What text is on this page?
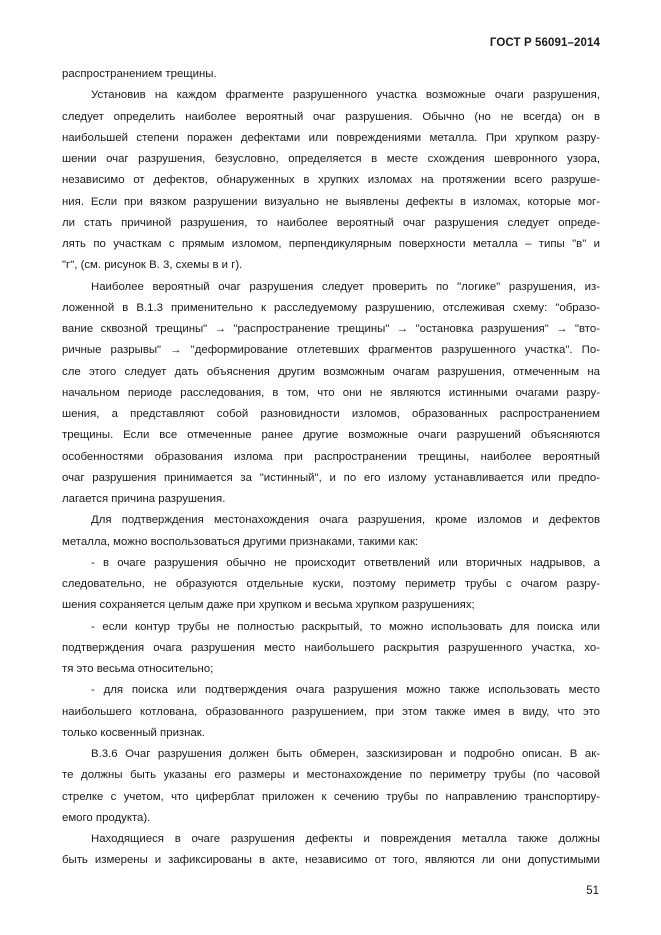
ГОСТ Р 56091–2014
распространением трещины.
Установив на каждом фрагменте разрушенного участка возможные очаги разрушения,
следует определить наиболее вероятный очаг разрушения. Обычно (но не всегда) он в
наибольшей степени поражен дефектами или повреждениями металла. При хрупком разру-
шении очаг разрушения, безусловно, определяется в месте схождения шевронного узора,
независимо от дефектов, обнаруженных в хрупких изломах на протяжении всего разруше-
ния. Если при вязком разрушении визуально не выявлены дефекты в изломах, которые мог-
ли стать причиной разрушения, то наиболее вероятный очаг разрушения следует опреде-
лять по участкам с прямым изломом, перпендикулярным поверхности металла – типы "в" и
"г", (см. рисунок В. 3, схемы в и г).
Наиболее вероятный очаг разрушения следует проверить по "логике" разрушения, из-
ложенной в В.1.3 применительно к расследуемому разрушению, отслеживая схему: "образо-
вание сквозной трещины" → "распространение трещины" → "остановка разрушения" → "вто-
ричные разрывы" → "деформирование отлетевших фрагментов разрушенного участка". По-
сле этого следует дать объяснения другим возможным очагам разрушения, отмеченным на
начальном периоде расследования, в том, что они не являются истинными очагами разру-
шения, а представляют собой разновидности изломов, образованных распространением
трещины. Если все отмеченные ранее другие возможные очаги разрушений объясняются
особенностями образования излома при распространении трещины, наиболее вероятный
очаг разрушения принимается за "истинный", и по его излому устанавливается или предпо-
лагается причина разрушения.
Для подтверждения местонахождения очага разрушения, кроме изломов и дефектов
металла, можно воспользоваться другими признаками, такими как:
- в очаге разрушения обычно не происходит ответвлений или вторичных надрывов, а
следовательно, не образуются отдельные куски, поэтому периметр трубы с очагом разру-
шения сохраняется целым даже при хрупком и весьма хрупком разрушениях;
- если контур трубы не полностью раскрытый, то можно использовать для поиска или
подтверждения очага разрушения место наибольшего раскрытия разрушенного участка, хо-
тя это весьма относительно;
- для поиска или подтверждения очага разрушения можно также использовать место
наибольшего котлована, образованного разрушением, при этом также имея в виду, что это
только косвенный признак.
В.3.6 Очаг разрушения должен быть обмерен, зазскизирован и подробно описан. В ак-
те должны быть указаны его размеры и местонахождение по периметру трубы (по часовой
стрелке с учетом, что циферблат приложен к сечению трубы по направлению транспортиру-
емого продукта).
Находящиеся в очаге разрушения дефекты и повреждения металла также должны
быть измерены и зафиксированы в акте, независимо от того, являются ли они допустимыми
51
